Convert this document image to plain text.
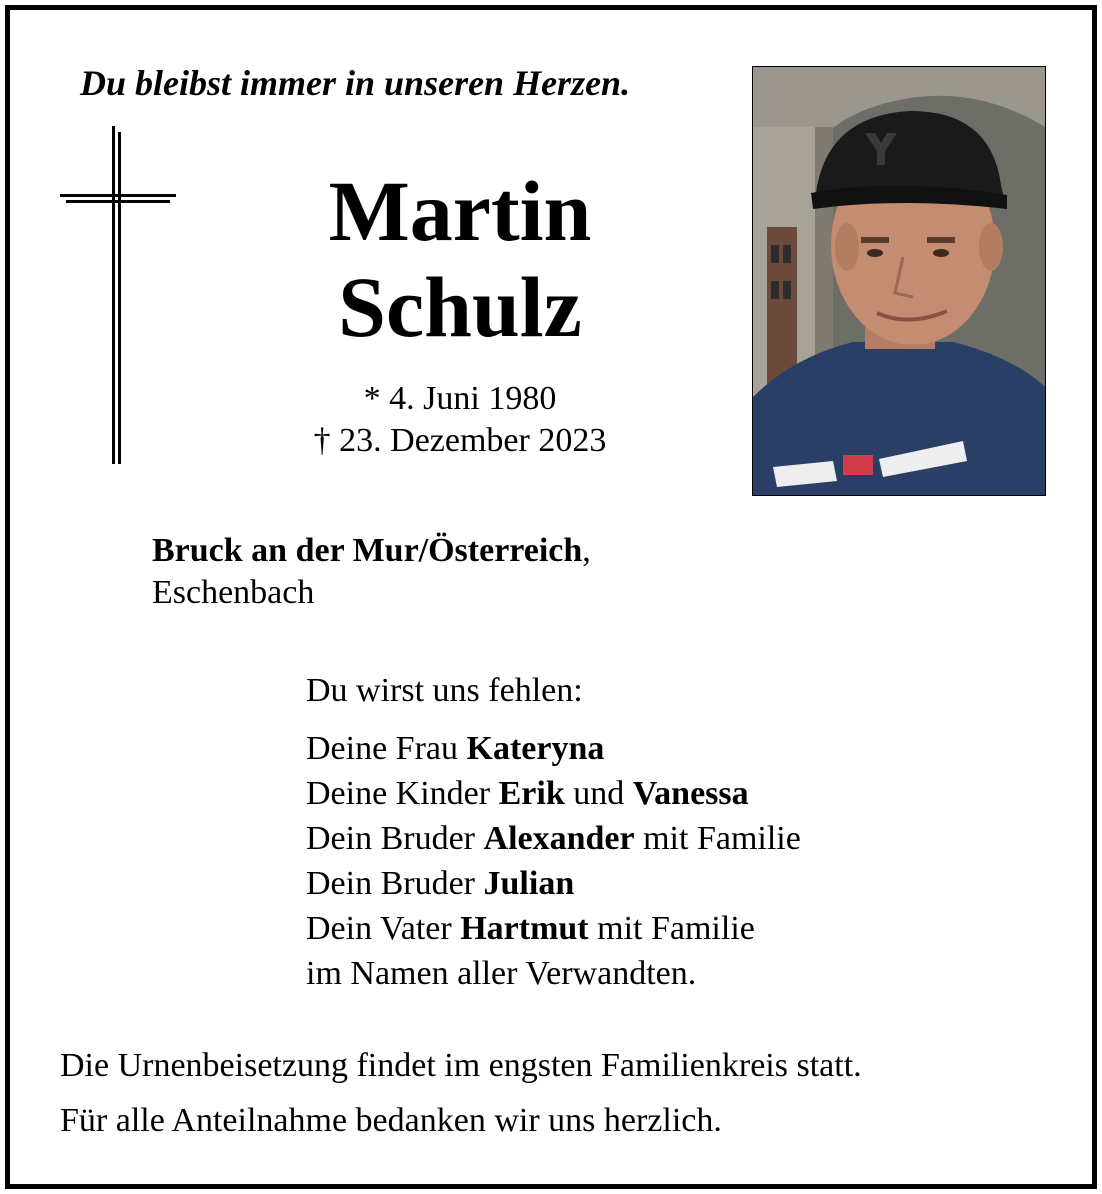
Du bleibst immer in unseren Herzen.
Martin
Schulz
* 4. Juni 1980
† 23. Dezember 2023
Bruck an der Mur/Österreich,
Eschenbach
Du wirst uns fehlen:
Deine Frau Kateryna
Deine Kinder Erik und Vanessa
Dein Bruder Alexander mit Familie
Dein Bruder Julian
Dein Vater Hartmut mit Familie
im Namen aller Verwandten.
Die Urnenbeisetzung findet im engsten Familienkreis statt.
Für alle Anteilnahme bedanken wir uns herzlich.
